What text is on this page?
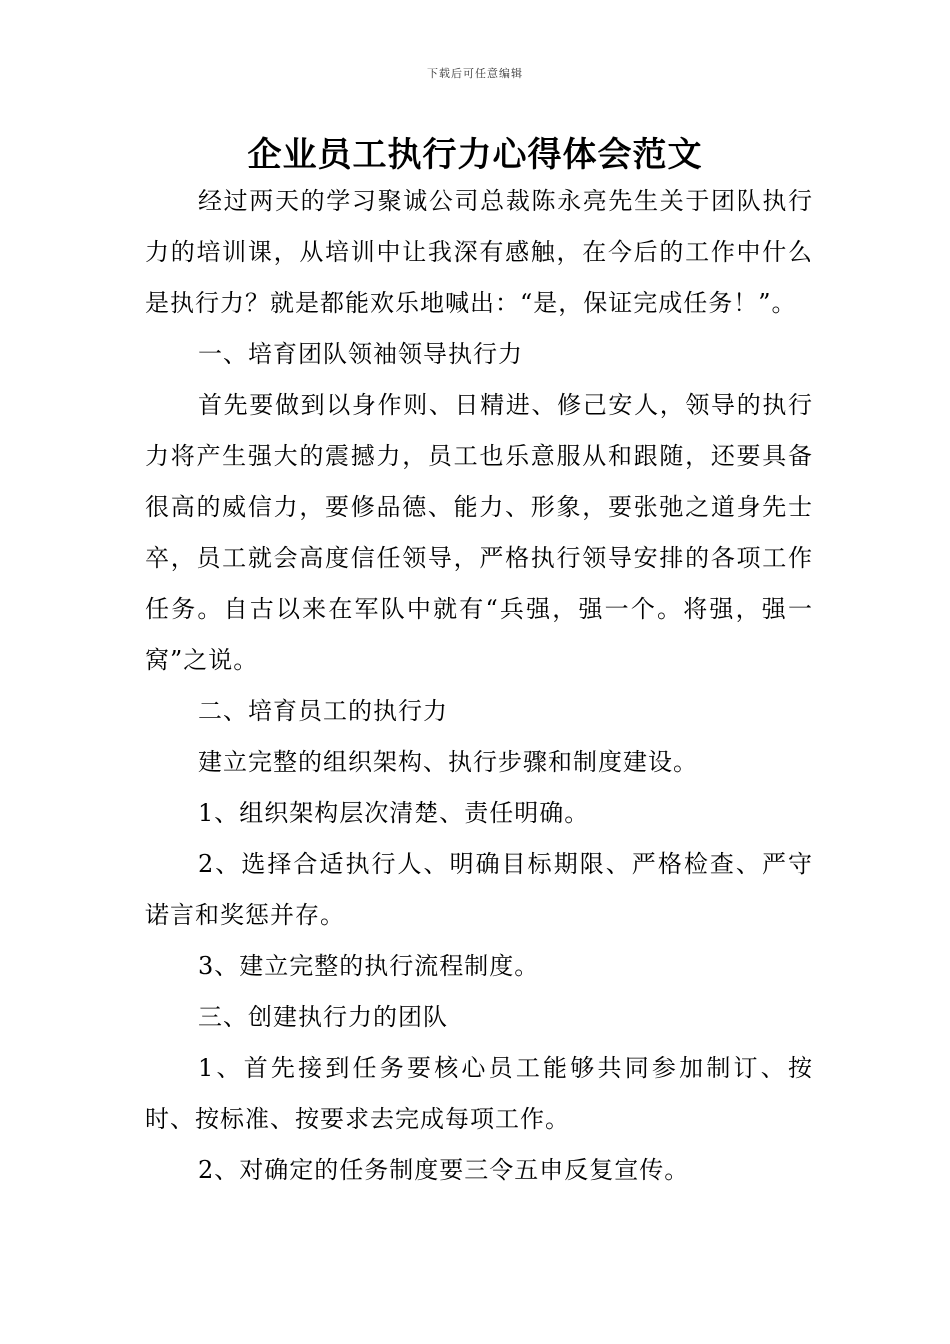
下载后可任意编辑
企业员工执行力心得体会范文

经过两天的学习聚诚公司总裁陈永亮先生关于团队执行力的培训课，从培训中让我深有感触，在今后的工作中什么是执行力？就是都能欢乐地喊出：“是，保证完成任务！”。

一、培育团队领袖领导执行力

首先要做到以身作则、日精进、修己安人，领导的执行力将产生强大的震撼力，员工也乐意服从和跟随，还要具备很高的威信力，要修品德、能力、形象，要张弛之道身先士卒，员工就会高度信任领导，严格执行领导安排的各项工作任务。自古以来在军队中就有“兵强，强一个。将强，强一窝”之说。

二、培育员工的执行力

建立完整的组织架构、执行步骤和制度建设。

1、组织架构层次清楚、责任明确。

2、选择合适执行人、明确目标期限、严格检查、严守诺言和奖惩并存。

3、建立完整的执行流程制度。

三、创建执行力的团队

1、首先接到任务要核心员工能够共同参加制订、按时、按标准、按要求去完成每项工作。

2、对确定的任务制度要三令五申反复宣传。
